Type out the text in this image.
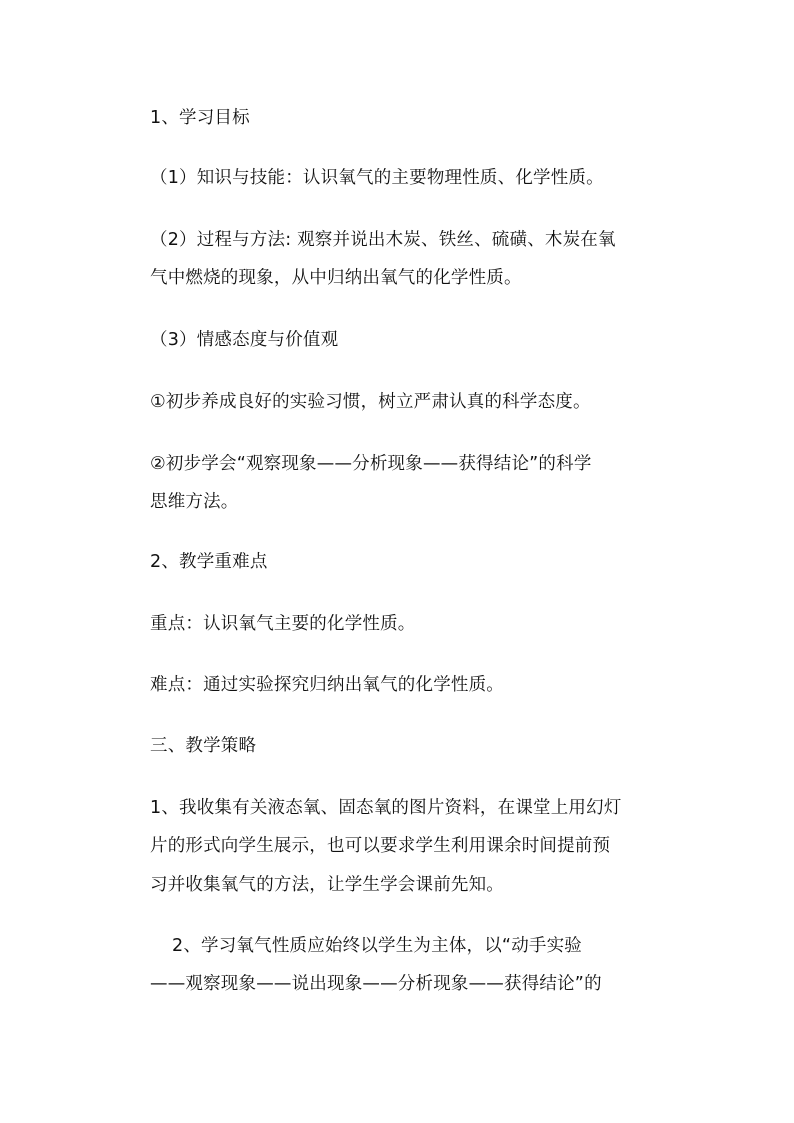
1、学习目标
（1）知识与技能：认识氧气的主要物理性质、化学性质。
（2）过程与方法: 观察并说出木炭、铁丝、硫磺、木炭在氧
气中燃烧的现象，从中归纳出氧气的化学性质。
（3）情感态度与价值观
①初步养成良好的实验习惯，树立严肃认真的科学态度。
②初步学会“观察现象——分析现象——获得结论”的科学
思维方法。
2、教学重难点
重点：认识氧气主要的化学性质。
难点：通过实验探究归纳出氧气的化学性质。
三、教学策略
1、我收集有关液态氧、固态氧的图片资料，在课堂上用幻灯
片的形式向学生展示，也可以要求学生利用课余时间提前预
习并收集氧气的方法，让学生学会课前先知。
2、学习氧气性质应始终以学生为主体，以“动手实验
——观察现象——说出现象——分析现象——获得结论”的
